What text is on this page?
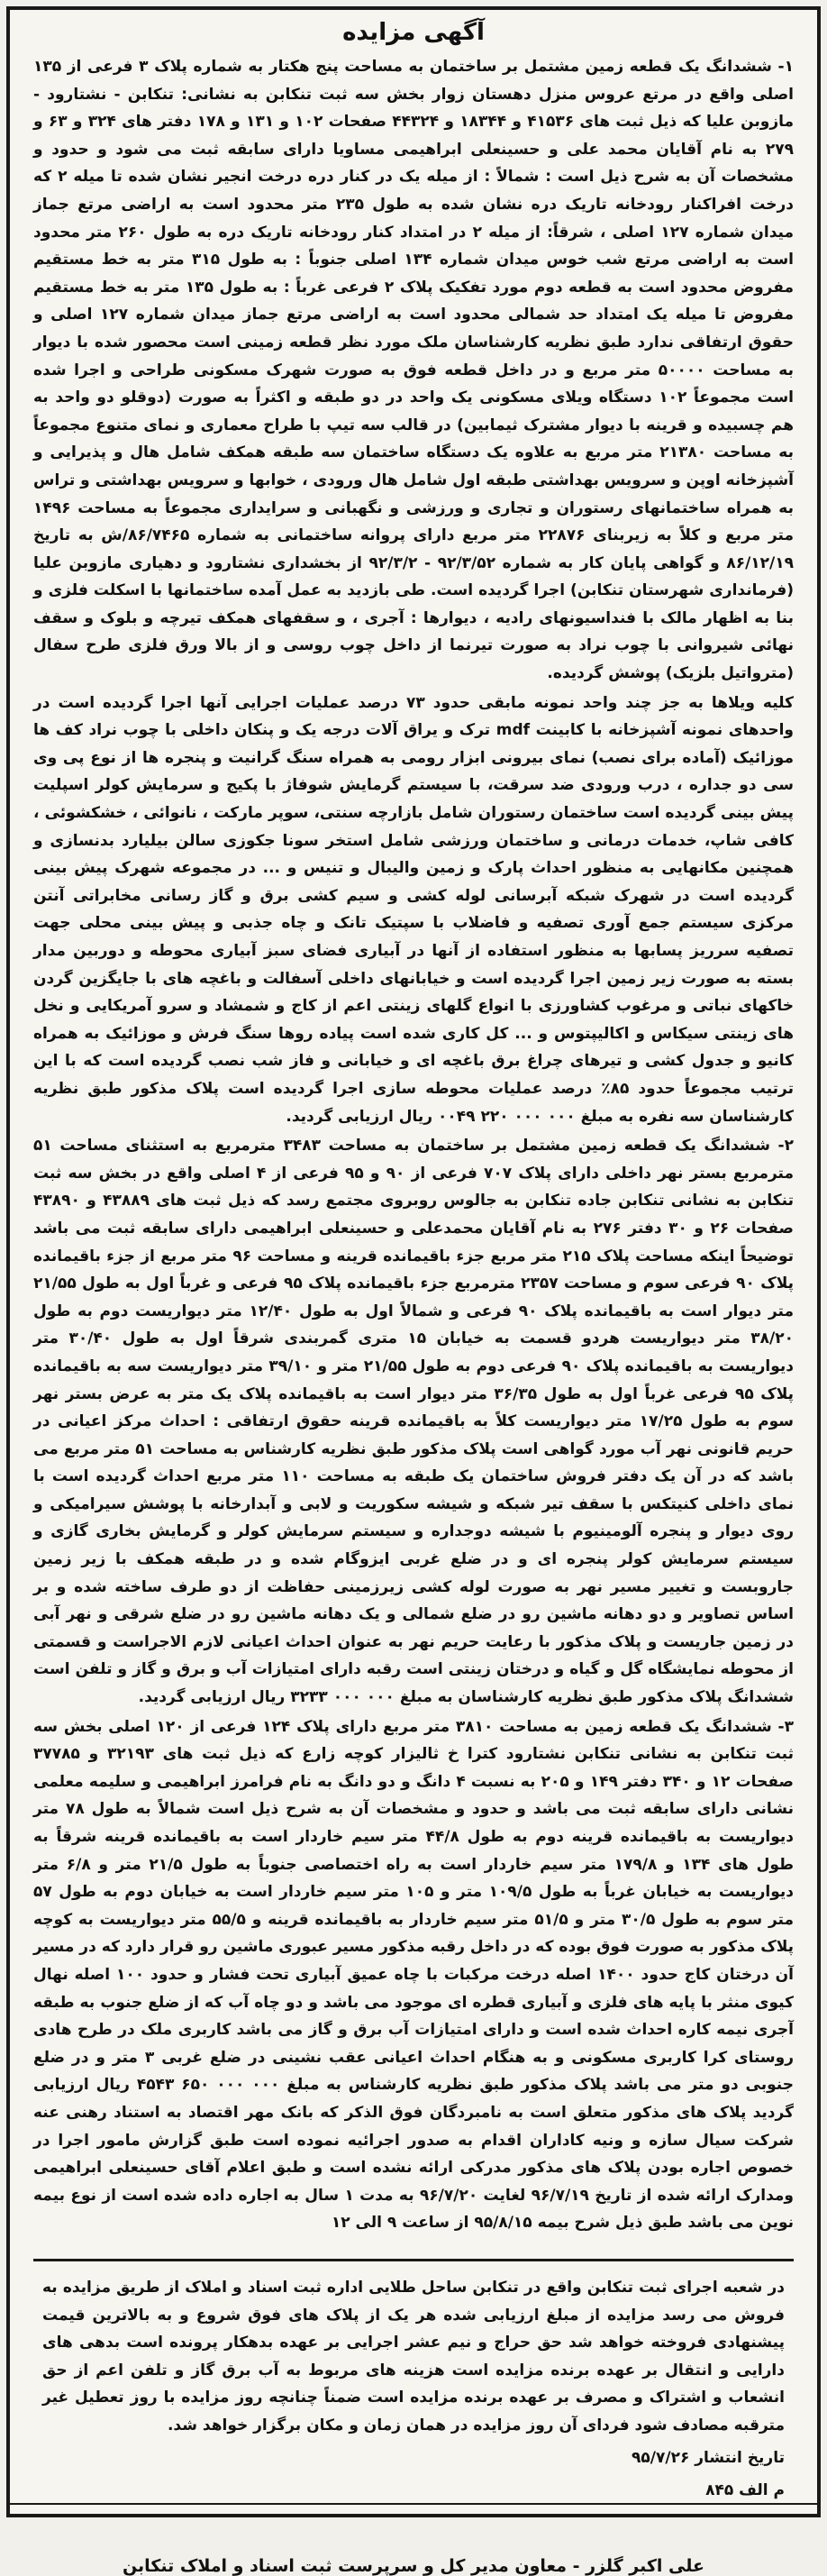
آگهی مزایده

۱- ششدانگ یک قطعه زمین مشتمل بر ساختمان به مساحت پنج هکتار به شماره پلاک ۳ فرعی از ۱۳۵ اصلی واقع در مرتع عروس منزل دهستان زوار بخش سه ثبت تنکابن به نشانی: تنکابن - نشتارود - مازوبن علیا که ذیل ثبت های ۴۱۵۳۶ و ۱۸۳۴۴ و ۴۴۳۲۴ صفحات ۱۰۲ و ۱۳۱ و ۱۷۸ دفتر های ۳۲۴ و ۶۳ و ۲۷۹ به نام آقایان محمد علی و حسینعلی ابراهیمی مساویا دارای سابقه ثبت می شود و حدود و مشخصات آن به شرح ذیل است : شمالاً : از میله یک در کنار دره درخت انجیر نشان شده تا میله ۲ که درخت افراکنار رودخانه تاریک دره نشان شده به طول ۲۳۵ متر محدود است به اراضی مرتع جماز میدان شماره ۱۲۷ اصلی ، شرقاً: از میله ۲ در امتداد کنار رودخانه تاریک دره به طول ۲۶۰ متر محدود است به اراضی مرتع شب خوس میدان شماره ۱۳۴ اصلی جنوباً : به طول ۳۱۵ متر به خط مستقیم مفروض محدود است به قطعه دوم مورد تفکیک پلاک ۲ فرعی غرباً : به طول ۱۳۵ متر به خط مستقیم مفروض تا میله یک امتداد حد شمالی محدود است به اراضی مرتع جماز میدان شماره ۱۲۷ اصلی و حقوق ارتفاقی ندارد طبق نظریه کارشناسان ملک مورد نظر قطعه زمینی است محصور شده با دیوار به مساحت ۵۰۰۰۰ متر مربع و در داخل قطعه فوق به صورت شهرک مسکونی طراحی و اجرا شده است مجموعاً ۱۰۲ دستگاه ویلای مسکونی یک واحد در دو طبقه و اکثراً به صورت (دوقلو دو واحد به هم چسبیده و قرینه با دیوار مشترک ثیمابین) در قالب سه تیپ با طراح معماری و نمای متنوع مجموعاً به مساحت ۲۱۳۸۰ متر مربع به علاوه یک دستگاه ساختمان سه طبقه همکف شامل هال و پذیرایی و آشپزخانه اوپن و سرویس بهداشتی طبقه اول شامل هال ورودی ، خوابها و سرویس بهداشتی و تراس به همراه ساختمانهای رستوران و تجاری و ورزشی و نگهبانی و سرایداری مجموعاً به مساحت ۱۴۹۶ متر مربع و کلاً به زیربنای ۲۲۸۷۶ متر مربع دارای پروانه ساختمانی به شماره ۸۶/۷۴۶۵/ش به تاریخ ۸۶/۱۲/۱۹ و گواهی پایان کار به شماره ۹۲/۳/۵۲ - ۹۲/۳/۲ از بخشداری نشتارود و دهیاری مازوبن علیا (فرمانداری شهرستان تنکابن) اجرا گردیده است. طی بازدید به عمل آمده ساختمانها با اسکلت فلزی و بنا به اظهار مالک با فنداسیونهای رادیه ، دیوارها : آجری ، و سقفهای همکف تیرچه و بلوک و سقف نهائی شیروانی با چوب نراد به صورت تیرنما از داخل چوب روسی و از بالا ورق فلزی طرح سفال (مترواتیل بلزیک) پوشش گردیده.

کلیه ویلاها به جز چند واحد نمونه مابقی حدود ۷۳ درصد عملیات اجرایی آنها اجرا گردیده است در واحدهای نمونه آشپزخانه با کابینت mdf ترک و یراق آلات درجه یک و پنکان داخلی با چوب نراد کف ها موزائیک (آماده برای نصب) نمای بیرونی ابزار رومی به همراه سنگ گرانیت و پنجره ها از نوع پی وی سی دو جداره ، درب ورودی ضد سرقت، با سیستم گرمایش شوفاژ با پکیج و سرمایش کولر اسپلیت پیش بینی گردیده است ساختمان رستوران شامل بازارچه سنتی، سوپر مارکت ، نانوائی ، خشکشوئی ، کافی شاپ، خدمات درمانی و ساختمان ورزشی شامل استخر سونا جکوزی سالن بیلیارد بدنسازی و همچنین مکانهایی به منظور احداث پارک و زمین والیبال و تنیس و ... در مجموعه شهرک پیش بینی گردیده است در شهرک شبکه آبرسانی لوله کشی و سیم کشی برق و گاز رسانی مخابراتی آنتن مرکزی سیستم جمع آوری تصفیه و فاضلاب با سپتیک تانک و چاه جذبی و پیش بینی محلی جهت تصفیه سرریز پسابها به منظور استفاده از آنها در آبیاری فضای سبز آبیاری محوطه و دوربین مدار بسته به صورت زیر زمین اجرا گردیده است و خیابانهای داخلی آسفالت و باغچه های با جایگزین گردن خاکهای نباتی و مرغوب کشاورزی با انواع گلهای زینتی اعم از کاج و شمشاد و سرو آمریکایی و نخل های زینتی سیکاس و اکالیپتوس و ... کل کاری شده است پیاده روها سنگ فرش و موزائیک به همراه کانیو و جدول کشی و تیرهای چراغ برق باغچه ای و خیابانی و فاز شب نصب گردیده است که با این ترتیب مجموعاً حدود ۸۵٪ درصد عملیات محوطه سازی اجرا گردیده است پلاک مذکور طبق نظریه کارشناسان سه نفره به مبلغ ۰۰۰ ۰۰۰ ۲۲۰ ۰۰۴۹ ریال ارزیابی گردید.

۲- ششدانگ یک قطعه زمین مشتمل بر ساختمان به مساحت ۳۴۸۳ مترمربع به استثنای مساحت ۵۱ مترمربع بستر نهر داخلی دارای پلاک ۷۰۷ فرعی از ۹۰ و ۹۵ فرعی از ۴ اصلی واقع در بخش سه ثبت تنکابن به نشانی تنکابن جاده تنکابن به جالوس روبروی مجتمع رسد که ذیل ثبت های ۴۳۸۸۹ و ۴۳۸۹۰ صفحات ۲۶ و ۳۰ دفتر ۲۷۶ به نام آقایان محمدعلی و حسینعلی ابراهیمی دارای سابقه ثبت می باشد توضیحاً اینکه مساحت پلاک ۲۱۵ متر مربع جزء باقیمانده قرینه و مساحت ۹۶ متر مربع از جزء باقیمانده پلاک ۹۰ فرعی سوم و مساحت ۲۳۵۷ مترمربع جزء باقیمانده پلاک ۹۵ فرعی و غرباً اول به طول ۲۱/۵۵ متر دیوار است به باقیمانده پلاک ۹۰ فرعی و شمالاً اول به طول ۱۲/۴۰ متر دیواریست دوم به طول ۳۸/۲۰ متر دیواریست هردو قسمت به خیابان ۱۵ متری گمربندی شرقاً اول به طول ۳۰/۴۰ متر دیواریست به باقیمانده پلاک ۹۰ فرعی دوم به طول ۲۱/۵۵ متر و ۳۹/۱۰ متر دیواریست سه به باقیمانده پلاک ۹۵ فرعی غرباً اول به طول ۳۶/۳۵ متر دیوار است به باقیمانده پلاک یک متر به عرض بستر نهر سوم به طول ۱۷/۲۵ متر دیواریست کلاً به باقیمانده قرینه حقوق ارتفاقی : احداث مرکز اعیانی در حریم قانونی نهر آب مورد گواهی است پلاک مذکور طبق نظریه کارشناس به مساحت ۵۱ متر مربع می باشد که در آن یک دفتر فروش ساختمان یک طبقه به مساحت ۱۱۰ متر مربع احداث گردیده است با نمای داخلی کنیتکس با سقف تیر شبکه و شیشه سکوریت و لابی و آبدارخانه با پوشش سیرامیکی و روی دیوار و پنجره آلومینیوم با شیشه دوجداره و سیستم سرمایش کولر و گرمایش بخاری گازی و سیستم سرمایش کولر پنجره ای و در ضلع غربی ایزوگام شده و در طبقه همکف با زیر زمین جاروبست و تغییر مسیر نهر به صورت لوله کشی زیرزمینی حفاظت از دو طرف ساخته شده و بر اساس تصاویر و دو دهانه ماشین رو در ضلع شمالی و یک دهانه ماشین رو در ضلع شرقی و نهر آبی در زمین جاریست و پلاک مذکور با رعایت حریم نهر به عنوان احداث اعیانی لازم الاجراست و قسمتی از محوطه نمایشگاه گل و گیاه و درختان زینتی است رقبه دارای امتیازات آب و برق و گاز و تلفن است ششدانگ پلاک مذکور طبق نظریه کارشناسان به مبلغ ۰۰۰ ۰۰۰ ۳۲۳۳ ریال ارزیابی گردید.

۳- ششدانگ یک قطعه زمین به مساحت ۳۸۱۰ متر مربع دارای پلاک ۱۲۴ فرعی از ۱۲۰ اصلی بخش سه ثبت تنکابن به نشانی تنکابن نشتارود کترا خ ثالیزار کوچه زارع که ذیل ثبت های ۳۲۱۹۳ و ۳۷۷۸۵ صفحات ۱۲ و ۳۴۰ دفتر ۱۴۹ و ۲۰۵ به نسبت ۴ دانگ و دو دانگ به نام فرامرز ابراهیمی و سلیمه معلمی نشانی دارای سابقه ثبت می باشد و حدود و مشخصات آن به شرح ذیل است شمالاً به طول ۷۸ متر دیواریست به باقیمانده قرینه دوم به طول ۴۴/۸ متر سیم خاردار است به باقیمانده قرینه شرقاً به طول های ۱۳۴ و ۱۷۹/۸ متر سیم خاردار است به راه اختصاصی جنوباً به طول ۲۱/۵ متر و ۶/۸ متر دیواریست به خیابان غرباً به طول ۱۰۹/۵ متر و ۱۰۵ متر سیم خاردار است به خیابان دوم به طول ۵۷ متر سوم به طول ۳۰/۵ متر و ۵۱/۵ متر سیم خاردار به باقیمانده قرینه و ۵۵/۵ متر دیواریست به کوچه پلاک مذکور به صورت فوق بوده که در داخل رقبه مذکور مسیر عبوری ماشین رو قرار دارد که در مسیر آن درختان کاج حدود ۱۴۰۰ اصله درخت مرکبات با چاه عمیق آبیاری تحت فشار و حدود ۱۰۰ اصله نهال کیوی منثر با پایه های فلزی و آبیاری قطره ای موجود می باشد و دو چاه آب که از ضلع جنوب به طبقه آجری نیمه کاره احداث شده است و دارای امتیازات آب برق و گاز می باشد کاربری ملک در طرح هادی روستای کرا کاربری مسکونی و به هنگام احداث اعیانی عقب نشینی در ضلع غربی ۳ متر و در ضلع جنوبی دو متر می باشد پلاک مذکور طبق نظریه کارشناس به مبلغ ۰۰۰ ۰۰۰ ۶۵۰ ۴۵۴۳ ریال ارزیابی گردید پلاک های مذکور متعلق است به نامبردگان فوق الذکر که بانک مهر اقتصاد به استناد رهنی عنه شرکت سیال سازه و ونیه کاداران اقدام به صدور اجرائیه نموده است طبق گزارش مامور اجرا در خصوص اجاره بودن پلاک های مذکور مدرکی ارائه نشده است و طبق اعلام آقای حسینعلی ابراهیمی ومدارک ارائه شده از تاریخ ۹۶/۷/۱۹ لغایت ۹۶/۷/۲۰ به مدت ۱ سال به اجاره داده شده است از نوع بیمه نوین می باشد طبق ذیل شرح بیمه ۹۵/۸/۱۵ از ساعت ۹ الی ۱۲

در شعبه اجرای ثبت تنکابن واقع در تنکابن ساحل طلایی اداره ثبت اسناد و املاک از طریق مزایده به فروش می رسد مزایده از مبلغ ارزیابی شده هر یک از پلاک های فوق شروع و به بالاترین قیمت پیشنهادی فروخته خواهد شد حق حراج و نیم عشر اجرایی بر عهده بدهکار پرونده است بدهی های دارایی و انتقال بر عهده برنده مزایده است هزینه های مربوط به آب برق گاز و تلفن اعم از حق انشعاب و اشتراک و مصرف بر عهده برنده مزایده است ضمناً چنانچه روز مزایده با روز تعطیل غیر مترقبه مصادف شود فردای آن روز مزایده در همان زمان و مکان برگزار خواهد شد.

تاریخ انتشار ۹۵/۷/۲۶
م الف ۸۴۵
علی اکبر گلزر - معاون مدیر کل و سرپرست ثبت اسناد و املاک تنکابن
